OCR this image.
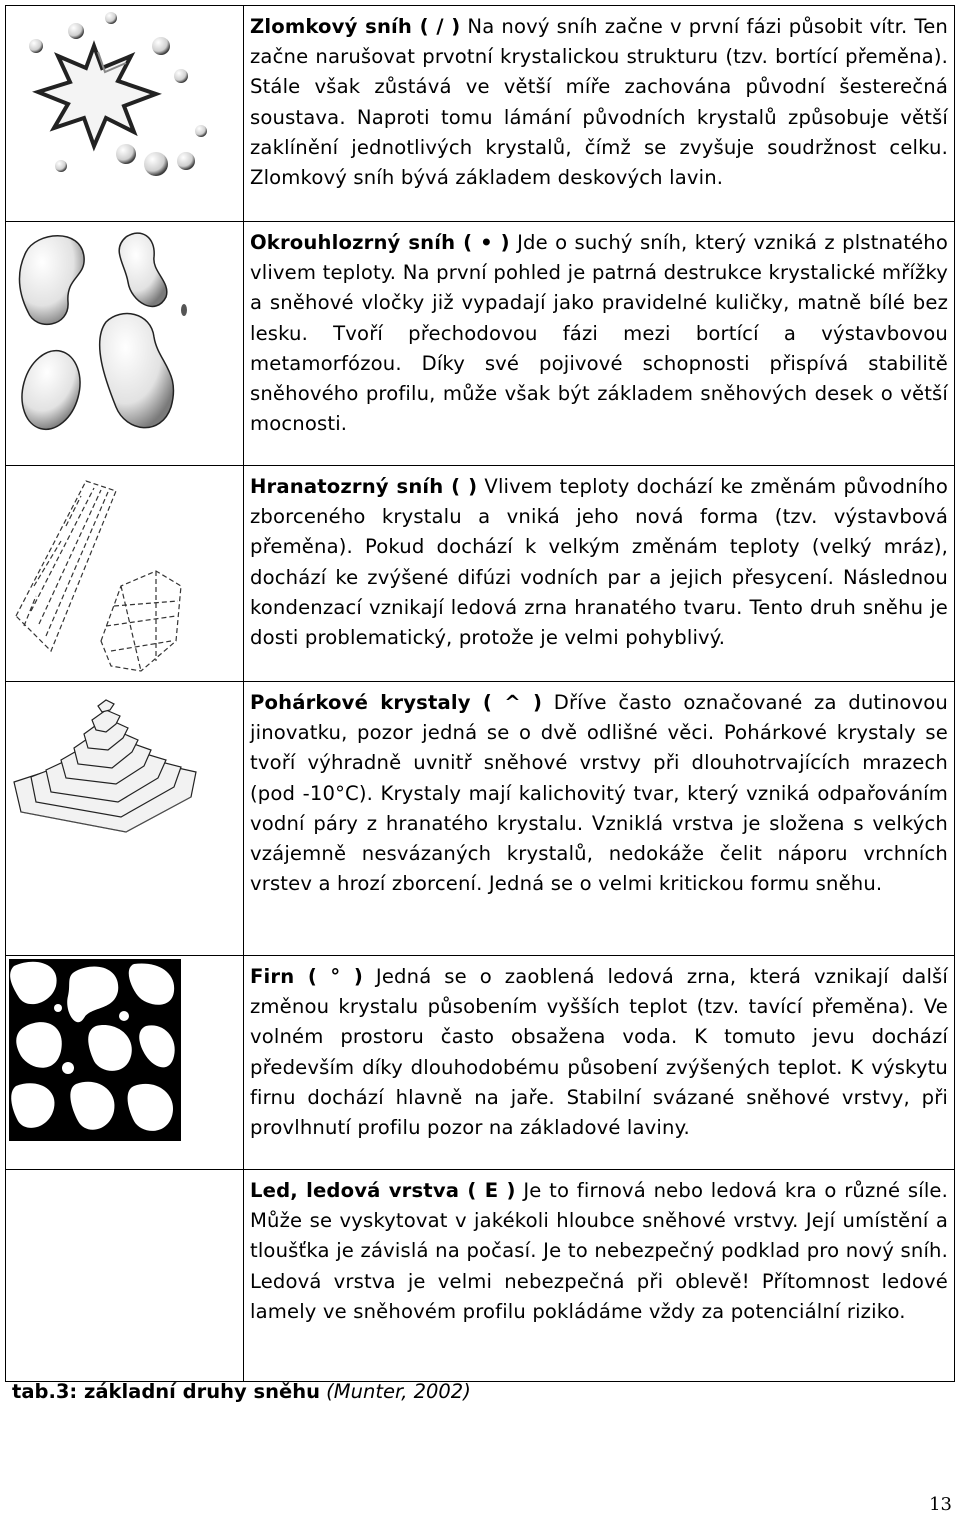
	Zlomkový sníh ( / ) Na nový sníh začne v první fázi působit vítr. Ten začne narušovat prvotní krystalickou strukturu (tzv. bortící přeměna). Stále však zůstává ve větší míře zachována původní šesterečná soustava. Naproti tomu lámání původních krystalů způsobuje větší zaklínění jednotlivých krystalů, čímž se zvyšuje soudržnost celku. Zlomkový sníh bývá základem deskových lavin.

	Okrouhlozrný sníh ( • ) Jde o suchý sníh, který vzniká z plstnatého vlivem teploty. Na první pohled je patrná destrukce krystalické mřížky a sněhové vločky již vypadají jako pravidelné kuličky, matně bílé bez lesku. Tvoří přechodovou fázi mezi bortící a výstavbovou metamorfózou. Díky své pojivové schopnosti přispívá stabilitě sněhového profilu, může však být základem sněhových desek o větší mocnosti.

	Hranatozrný sníh ( ) Vlivem teploty dochází ke změnám původního zborceného krystalu a vniká jeho nová forma (tzv. výstavbová přeměna). Pokud dochází k velkým změnám teploty (velký mráz), dochází ke zvýšené difúzi vodních par a jejich přesycení. Následnou kondenzací vznikají ledová zrna hranatého tvaru. Tento druh sněhu je dosti problematický, protože je velmi pohyblivý.

	Pohárkové krystaly ( ^ ) Dříve často označované za dutinovou jinovatku, pozor jedná se o dvě odlišné věci. Pohárkové krystaly se tvoří výhradně uvnitř sněhové vrstvy při dlouhotrvajících mrazech (pod -10°C). Krystaly mají kalichovitý tvar, který vzniká odpařováním vodní páry z hranatého krystalu. Vzniklá vrstva je složena s velkých vzájemně nesvázaných krystalů, nedokáže čelit náporu vrchních vrstev a hrozí zborcení. Jedná se o velmi kritickou formu sněhu.

	Firn ( ° ) Jedná se o zaoblená ledová zrna, která vznikají další změnou krystalu působením vyšších teplot (tzv. tavící přeměna). Ve volném prostoru často obsažena voda. K tomuto jevu dochází především díky dlouhodobému působení zvýšených teplot. K výskytu firnu dochází hlavně na jaře. Stabilní svázané sněhové vrstvy, při provlhnutí profilu pozor na základové laviny.
	Led, ledová vrstva ( E ) Je to firnová nebo ledová kra o různé síle. Může se vyskytovat v jakékoli hloubce sněhové vrstvy. Její umístění a tloušťka je závislá na počasí. Je to nebezpečný podklad pro nový sníh. Ledová vrstva je velmi nebezpečná při oblevě! Přítomnost ledové lamely ve sněhovém profilu pokládáme vždy za potenciální riziko.
tab.3: základní druhy sněhu (Munter, 2002)
13
